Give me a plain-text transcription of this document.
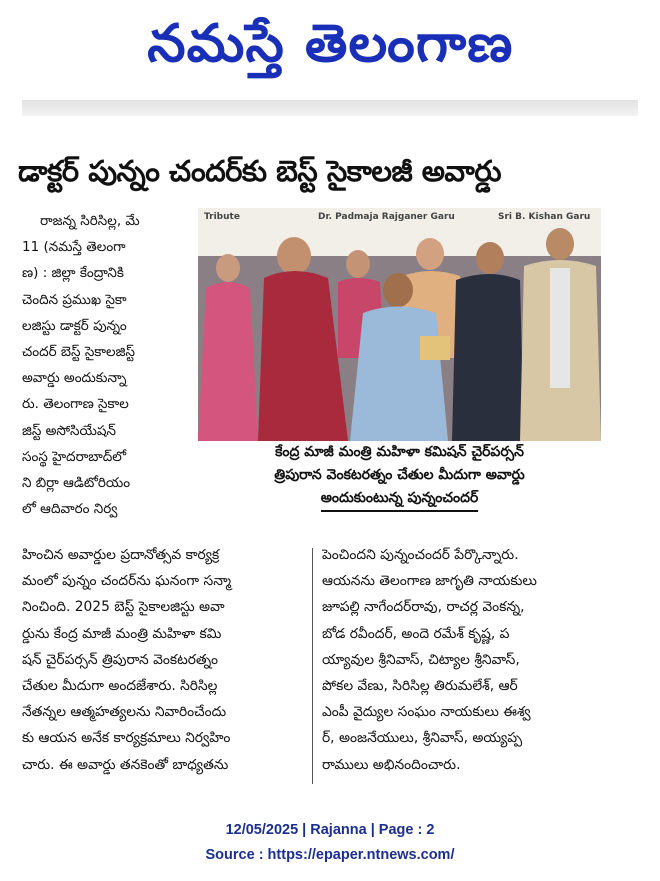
నమస్తే తెలంగాణ
డాక్టర్ పున్నం చందర్‌కు బెస్ట్ సైకాలజీ అవార్డు
రాజన్న సిరిసిల్ల, మే
11 (నమస్తే తెలంగా
ణ) : జిల్లా కేంద్రానికి
చెందిన ప్రముఖ సైకా
లజిస్టు డాక్టర్ పున్నం
చందర్ బెస్ట్ సైకాలజిస్ట్
అవార్డు అందుకున్నా
రు. తెలంగాణ సైకాల
జిస్ట్ అసోసియేషన్
సంస్థ హైదరాబాద్‌లో
ని బిర్లా ఆడిటోరియం
లో ఆదివారం నిర్వ
Tribute	Dr. Padmaja Rajganer Garu	Sri B. Kishan Garu
కేంద్ర మాజీ మంత్రి మహిళా కమిషన్ చైర్‌పర్సన్
త్రిపురాన వెంకటరత్నం చేతుల మీదుగా అవార్డు
అందుకుంటున్న పున్నంచందర్
హించిన అవార్డుల ప్రదానోత్సవ కార్యక్ర
మంలో పున్నం చందర్‌ను ఘనంగా సన్మా
నించింది. 2025 బెస్ట్ సైకాలజిస్టు అవా
ర్డును కేంద్ర మాజీ మంత్రి మహిళా కమి
షన్ చైర్‌పర్సన్ త్రిపురాన వెంకటరత్నం
చేతుల మీదుగా అందజేశారు. సిరిసిల్ల
నేతన్నల ఆత్మహత్యలను నివారించేందు
కు ఆయన అనేక కార్యక్రమాలు నిర్వహిం
చారు. ఈ అవార్డు తనకెంతో బాధ్యతను
పెంచిందని పున్నంచందర్ పేర్కొన్నారు.
ఆయనను తెలంగాణ జాగృతి నాయకులు
జూపల్లి నాగేందర్‌రావు, రాచర్ల వెంకన్న,
బోడ రవీందర్, అందె రమేశ్ కృష్ణ, ప
య్యావుల శ్రీనివాస్, చిట్యాల శ్రీనివాస్,
పోకల వేణు, సిరిసిల్ల తిరుమలేశ్, ఆర్
ఎంపీ వైద్యుల సంఘం నాయకులు ఈశ్వ
ర్, అంజనేయులు, శ్రీనివాస్, అయ్యప్ప
రాములు అభినందించారు.
12/05/2025 | Rajanna | Page : 2
Source : https://epaper.ntnews.com/
